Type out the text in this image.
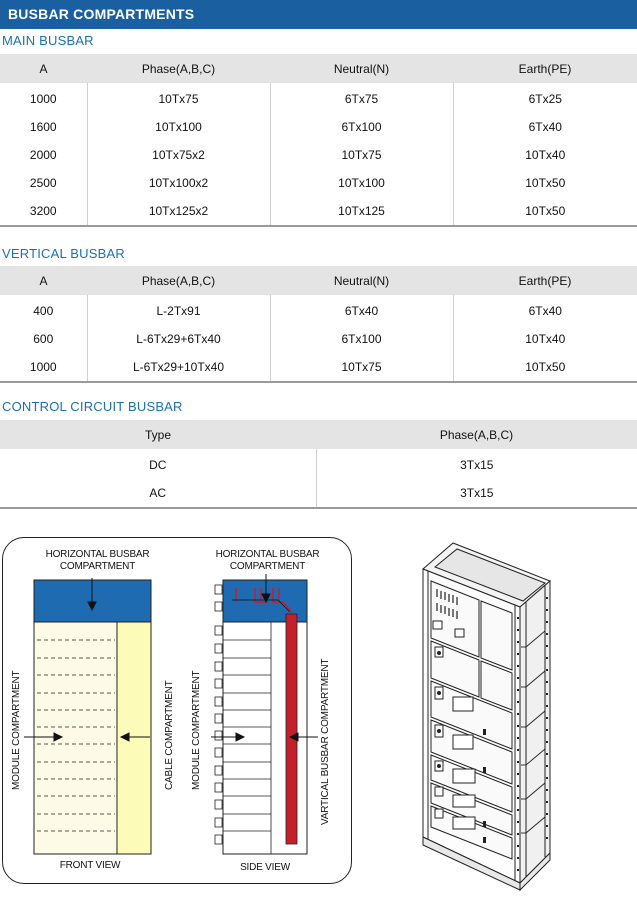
BUSBAR COMPARTMENTS
MAIN BUSBAR
A	Phase(A,B,C)	Neutral(N)	Earth(PE)
1000	10Tx75	6Tx75	6Tx25
1600	10Tx100	6Tx100	6Tx40
2000	10Tx75x2	10Tx75	10Tx40
2500	10Tx100x2	10Tx100	10Tx50
3200	10Tx125x2	10Tx125	10Tx50
VERTICAL BUSBAR
A	Phase(A,B,C)	Neutral(N)	Earth(PE)
400	L-2Tx91	6Tx40	6Tx40
600	L-6Tx29+6Tx40	6Tx100	10Tx40
1000	L-6Tx29+10Tx40	10Tx75	10Tx50
CONTROL CIRCUIT BUSBAR
Type	Phase(A,B,C)
DC	3Tx15
AC	3Tx15
HORIZONTAL BUSBAR
COMPARTMENT
MODULE COMPARTMENT	CABLE COMPARTMENT
FRONT VIEW
HORIZONTAL BUSBAR
COMPARTMENT
MODULE COMPARTMENT	VARTICAL BUSBAR COMPARTMENT
SIDE VIEW
